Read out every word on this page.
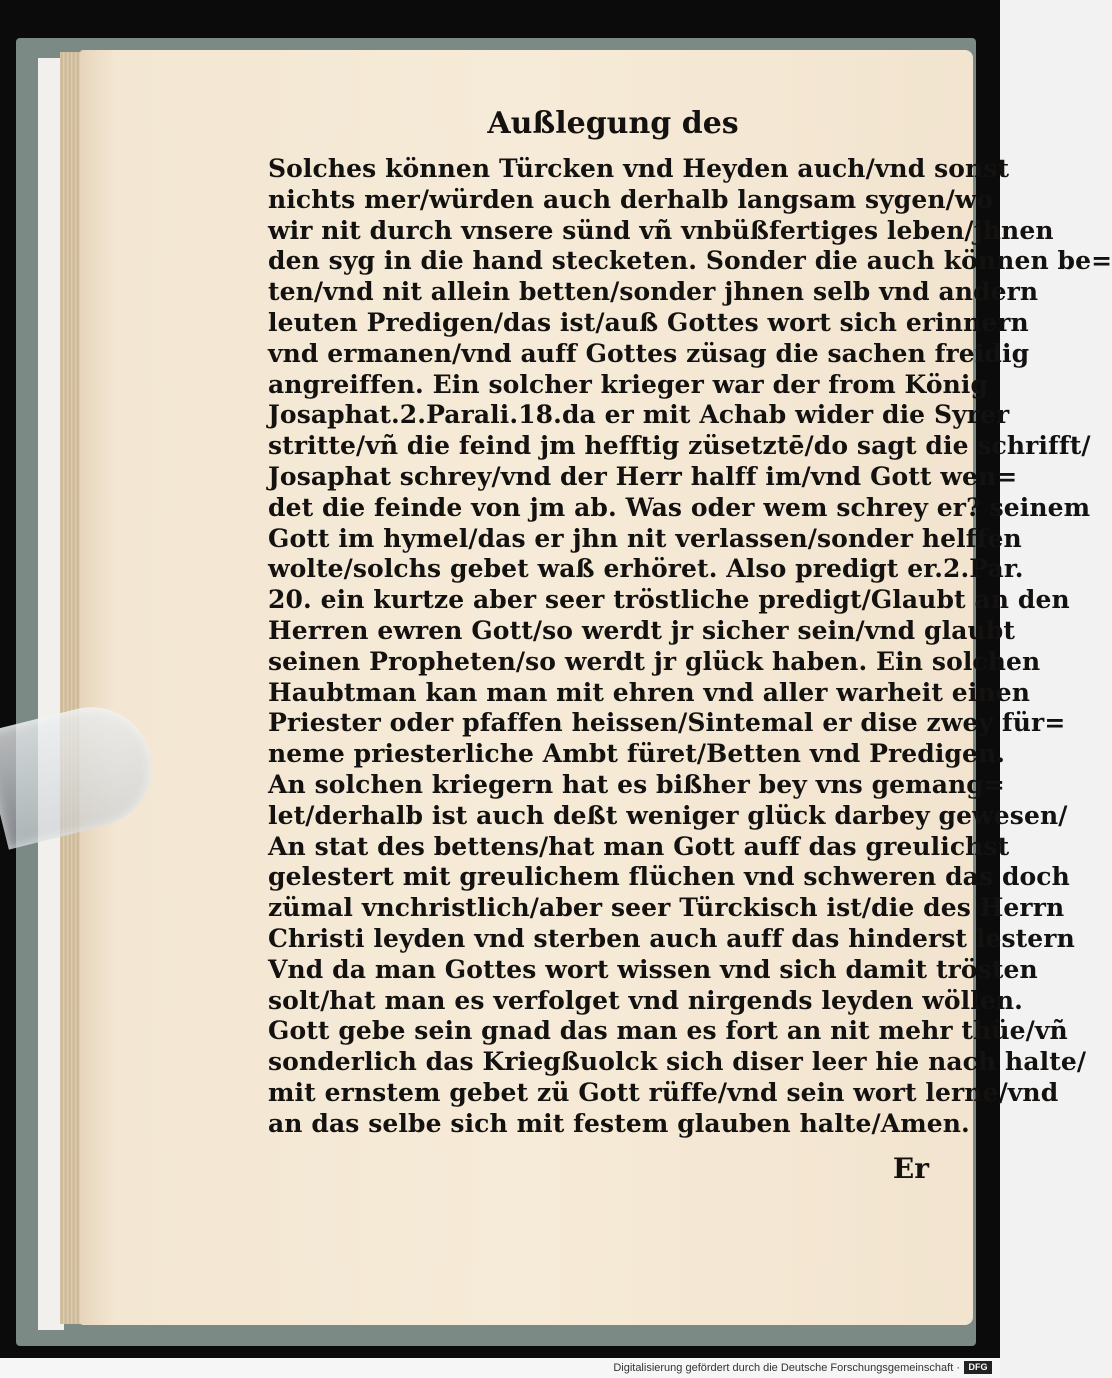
Er
Außlegung des
Solches können Türcken vnd Heyden auch/vnd sonst
nichts mer/würden auch derhalb langsam sygen/wo
wir nit durch vnsere sünd vñ vnbüßfertiges leben/jhnen
den syg in die hand stecketen. Sonder die auch können be=
ten/vnd nit allein betten/sonder jhnen selb vnd andern
leuten Predigen/das ist/auß Gottes wort sich erinnern
vnd ermanen/vnd auff Gottes züsag die sachen freidig
angreiffen. Ein solcher krieger war der from König
Josaphat.2.Parali.18.da er mit Achab wider die Syrer
stritte/vñ die feind jm hefftig züsetztē/do sagt die schrifft/
Josaphat schrey/vnd der Herr halff im/vnd Gott wen=
det die feinde von jm ab. Was oder wem schrey er? seinem
Gott im hymel/das er jhn nit verlassen/sonder helffen
wolte/solchs gebet waß erhöret. Also predigt er.2.Par.
20. ein kurtze aber seer tröstliche predigt/Glaubt an den
Herren ewren Gott/so werdt jr sicher sein/vnd glaubt
seinen Propheten/so werdt jr glück haben. Ein solchen
Haubtman kan man mit ehren vnd aller warheit einen
Priester oder pfaffen heissen/Sintemal er dise zwey für=
neme priesterliche Ambt füret/Betten vnd Predigen.
An solchen kriegern hat es bißher bey vns gemang=
let/derhalb ist auch deßt weniger glück darbey gewesen/
An stat des bettens/hat man Gott auff das greulichst
gelestert mit greulichem flüchen vnd schweren das doch
zümal vnchristlich/aber seer Türckisch ist/die des Herrn
Christi leyden vnd sterben auch auff das hinderst lestern
Vnd da man Gottes wort wissen vnd sich damit trösten
solt/hat man es verfolget vnd nirgends leyden wöllen.
Gott gebe sein gnad das man es fort an nit mehr thüe/vñ
sonderlich das Kriegßuolck sich diser leer hie nach halte/
mit ernstem gebet zü Gott rüffe/vnd sein wort lerne/vnd
an das selbe sich mit festem glauben halte/Amen.
Digitalisierung gefördert durch die Deutsche Forschungsgemeinschaft · DFG
